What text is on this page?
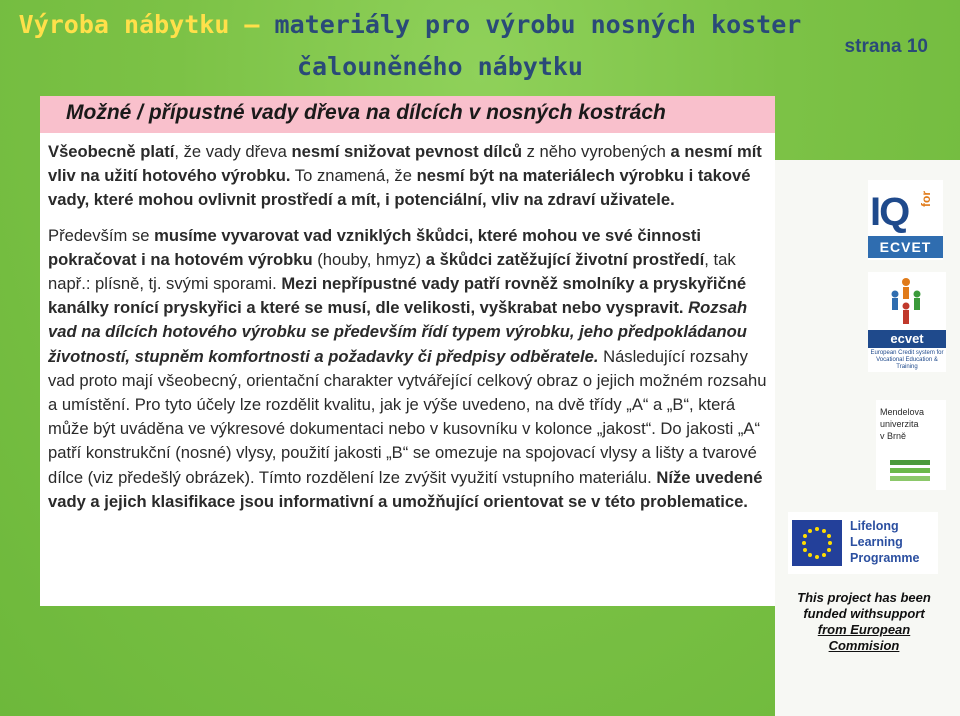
Výroba nábytku – materiály pro výrobu nosných koster
čalouněného nábytku
strana 10
Možné / přípustné vady dřeva na dílcích v nosných kostrách

Všeobecně platí, že vady dřeva nesmí snižovat pevnost dílců z něho vyrobených a nesmí mít vliv na užití hotového výrobku. To znamená, že nesmí být na materiálech výrobku i takové vady, které mohou ovlivnit prostředí a mít, i potenciální, vliv na zdraví uživatele.

Především se musíme vyvarovat vad vzniklých škůdci, které mohou ve své činnosti pokračovat i na hotovém výrobku (houby, hmyz) a škůdci zatěžující životní prostředí, tak např.: plísně, tj. svými sporami. Mezi nepřípustné vady patří rovněž smolníky a pryskyřičné kanálky ronící pryskyřici a které se musí, dle velikosti, vyškrabat nebo vyspravit. Rozsah vad na dílcích hotového výrobku se především řídí typem výrobku, jeho předpokládanou životností, stupněm komfortnosti a požadavky či předpisy odběratele. Následující rozsahy vad proto mají všeobecný, orientační charakter vytvářející celkový obraz o jejich možném rozsahu a umístění. Pro tyto účely lze rozdělit kvalitu, jak je výše uvedeno, na dvě třídy „A“ a „B“, která může být uváděna ve výkresové dokumentaci nebo v kusovníku v kolonce „jakost“. Do jakosti „A“ patří konstrukční (nosné) vlysy, použití jakosti „B“ se omezuje na spojovací vlysy a lišty a tvarové dílce (viz předešlý obrázek). Tímto rozdělení lze zvýšit využití vstupního materiálu. Níže uvedené vady a jejich klasifikace jsou informativní a umožňující orientovat se v této problematice.

IQ for
ECVET
ecvet
European Credit system for Vocational Education & Training
Mendelova
univerzita
v Brně
Lifelong
Learning
Programme
This project has been
funded withsupport
from European
Commision
